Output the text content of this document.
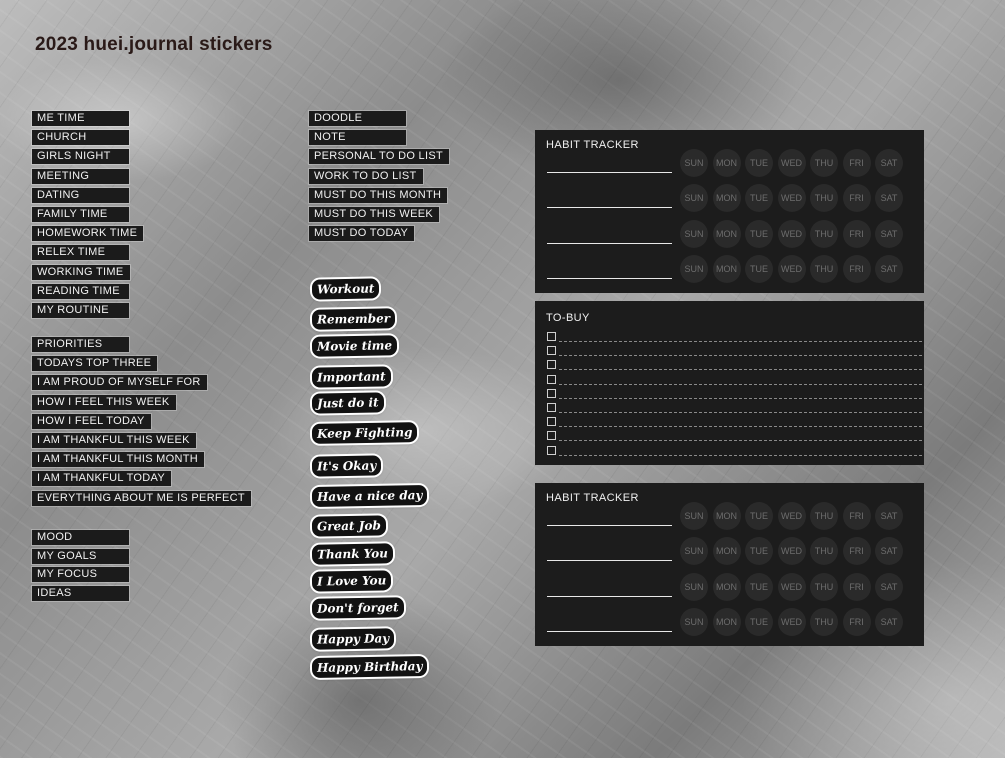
2023 huei.journal stickers
ME TIME
CHURCH
GIRLS NIGHT
MEETING
DATING
FAMILY TIME
HOMEWORK TIME
RELEX TIME
WORKING TIME
READING TIME
MY ROUTINE
PRIORITIES
TODAYS TOP THREE
I AM PROUD OF MYSELF FOR
HOW I FEEL THIS WEEK
HOW I FEEL TODAY
I AM THANKFUL THIS WEEK
I AM THANKFUL THIS MONTH
I AM THANKFUL TODAY
EVERYTHING ABOUT ME IS PERFECT
MOOD
MY GOALS
MY FOCUS
IDEAS
DOODLE
NOTE
PERSONAL TO DO LIST
WORK TO DO LIST
MUST DO THIS MONTH
MUST DO THIS WEEK
MUST DO TODAY
Workout
Remember
Movie time
Important
Just do it
Keep Fighting
It's Okay
Have a nice day
Great Job
Thank You
I Love You
Don't forget
Happy Day
Happy Birthday
HABIT TRACKER
SUN	MON	TUE	WED	THU	FRI	SAT
SUN	MON	TUE	WED	THU	FRI	SAT
SUN	MON	TUE	WED	THU	FRI	SAT
SUN	MON	TUE	WED	THU	FRI	SAT
TO-BUY
HABIT TRACKER
SUN	MON	TUE	WED	THU	FRI	SAT
SUN	MON	TUE	WED	THU	FRI	SAT
SUN	MON	TUE	WED	THU	FRI	SAT
SUN	MON	TUE	WED	THU	FRI	SAT
